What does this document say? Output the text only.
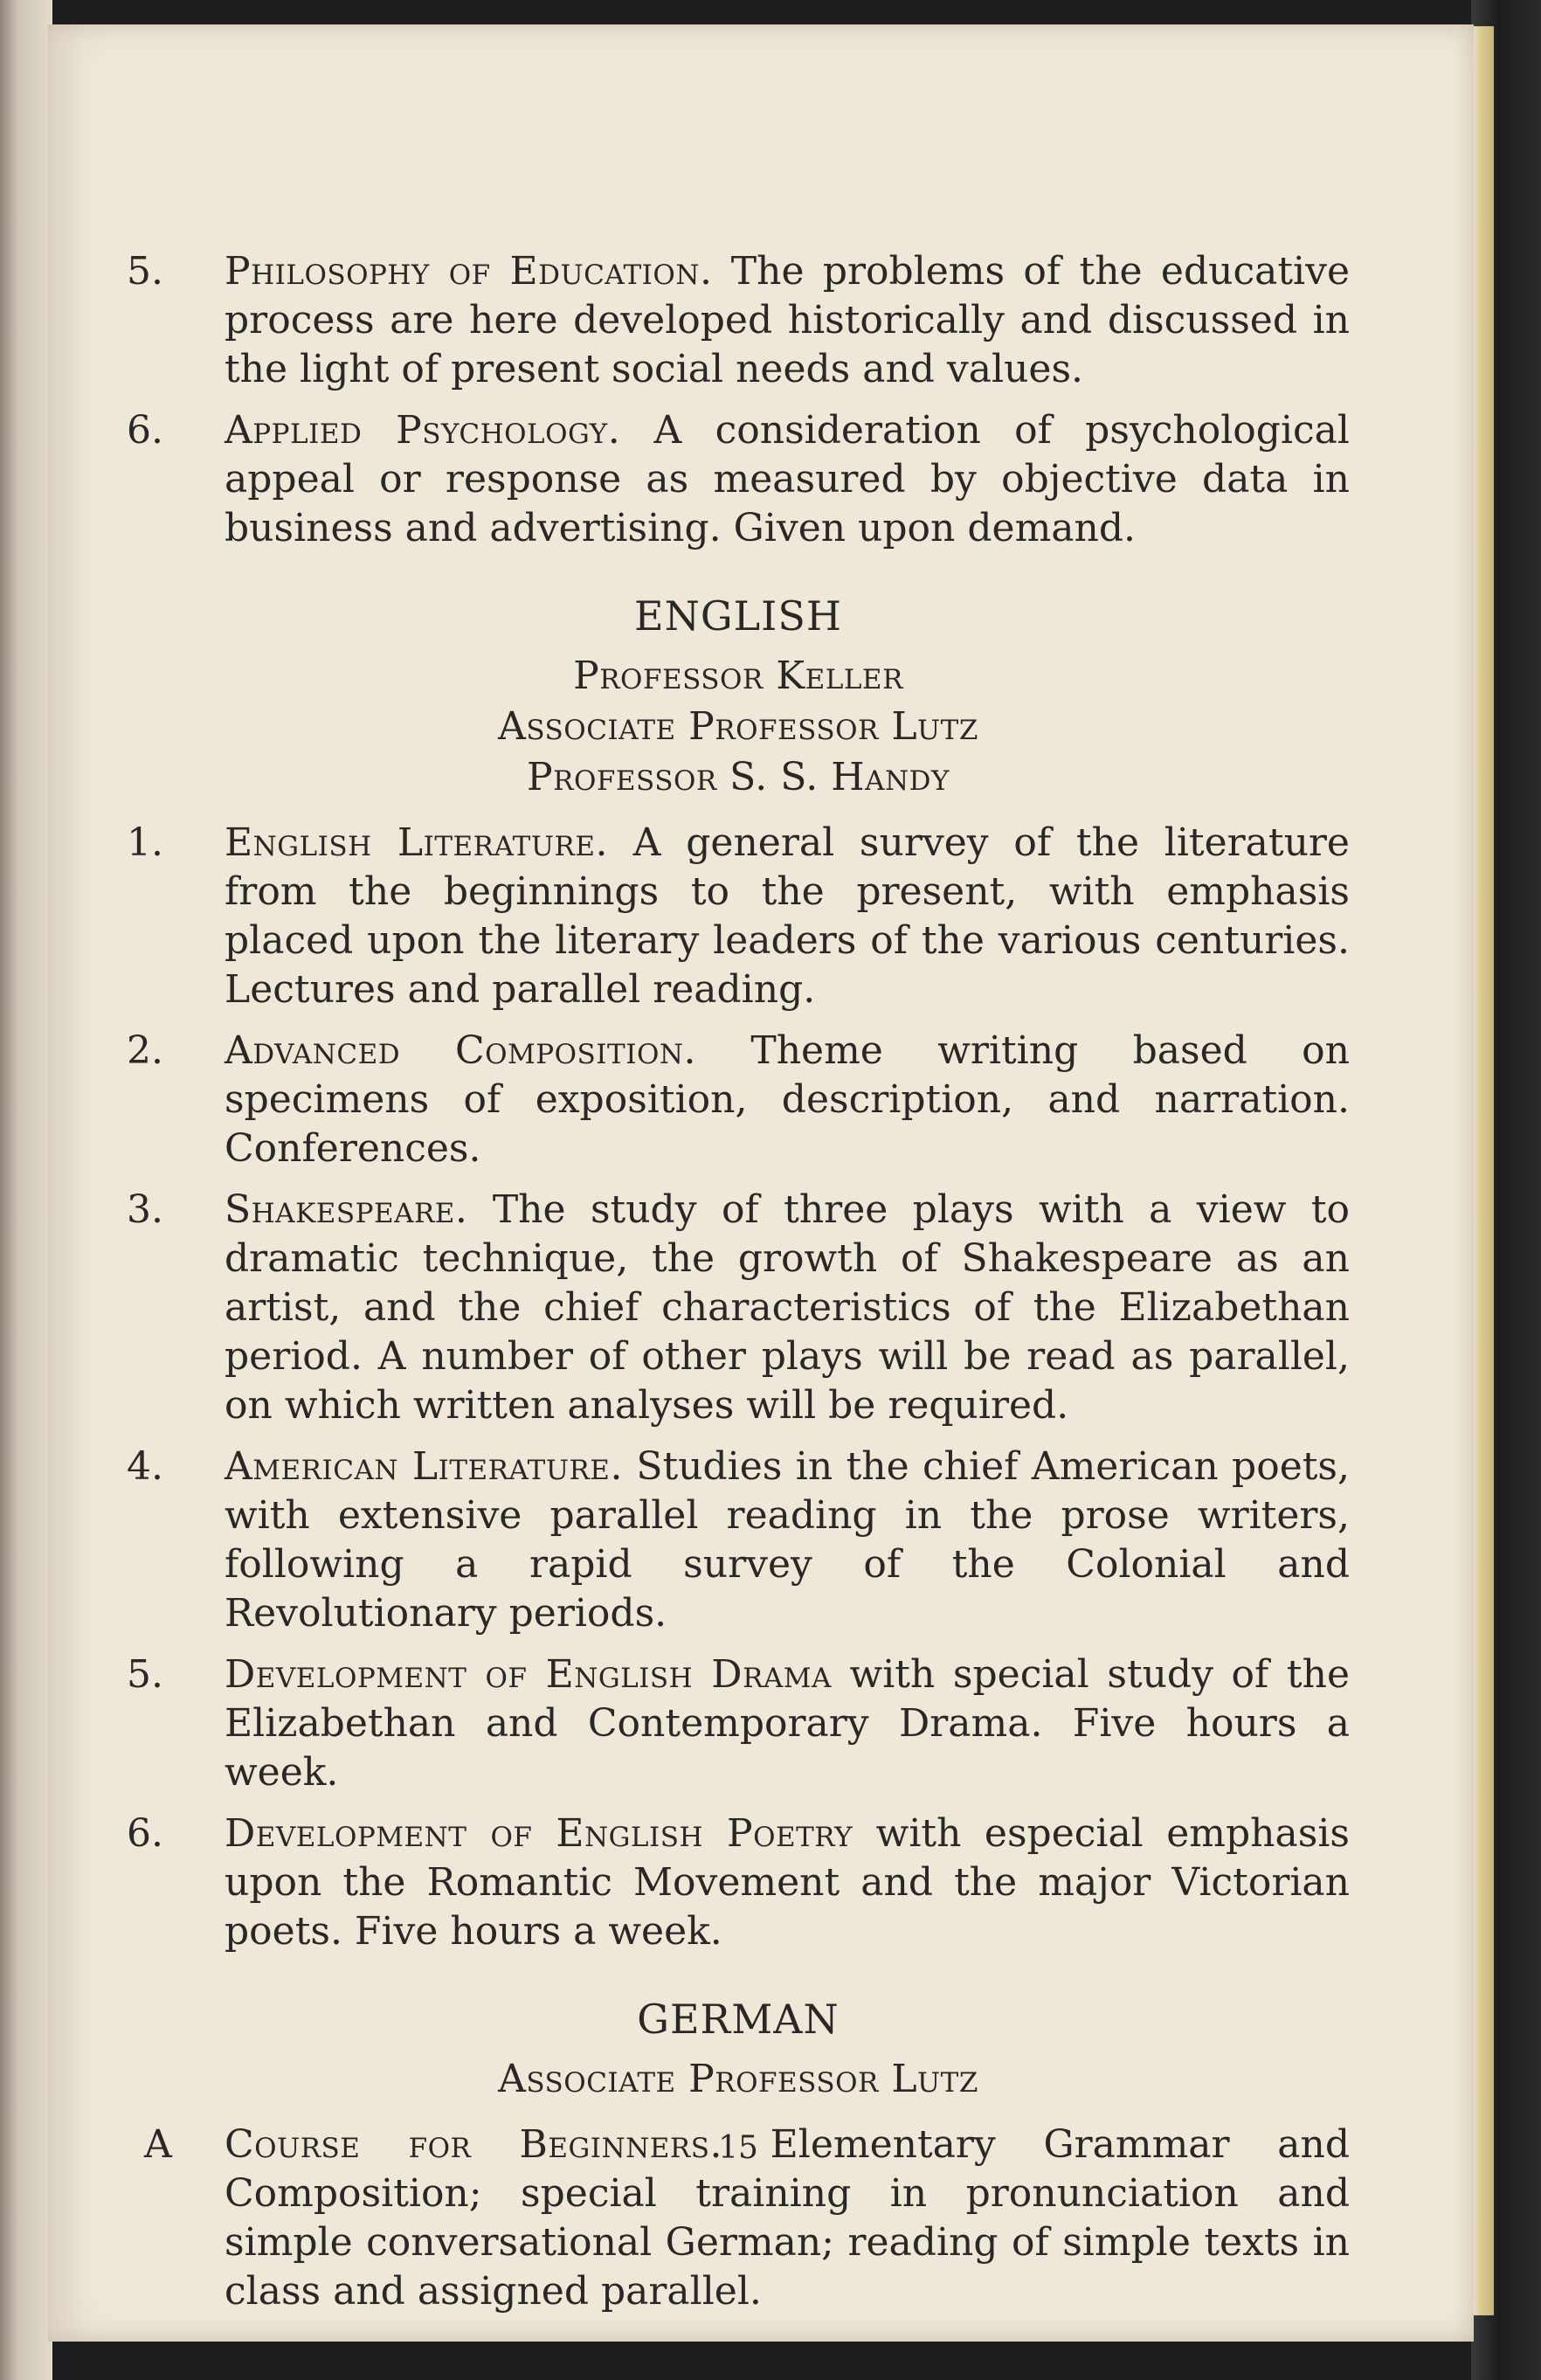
5. Philosophy of Education. The problems of the educative process are here developed historically and discussed in the light of present social needs and values.
6. Applied Psychology. A consideration of psychological appeal or response as measured by objective data in business and advertising. Given upon demand.
ENGLISH
Professor Keller
Associate Professor Lutz
Professor S. S. Handy
1. English Literature. A general survey of the literature from the beginnings to the present, with emphasis placed upon the literary leaders of the various centuries. Lectures and parallel reading.
2. Advanced Composition. Theme writing based on specimens of exposition, description, and narration. Conferences.
3. Shakespeare. The study of three plays with a view to dramatic technique, the growth of Shakespeare as an artist, and the chief characteristics of the Elizabethan period. A number of other plays will be read as parallel, on which written analyses will be required.
4. American Literature. Studies in the chief American poets, with extensive parallel reading in the prose writers, following a rapid survey of the Colonial and Revolutionary periods.
5. Development of English Drama with special study of the Elizabethan and Contemporary Drama. Five hours a week.
6. Development of English Poetry with especial emphasis upon the Romantic Movement and the major Victorian poets. Five hours a week.
GERMAN
Associate Professor Lutz
A Course for Beginners. Elementary Grammar and Composition; special training in pronunciation and simple conversational German; reading of simple texts in class and assigned parallel.
15
